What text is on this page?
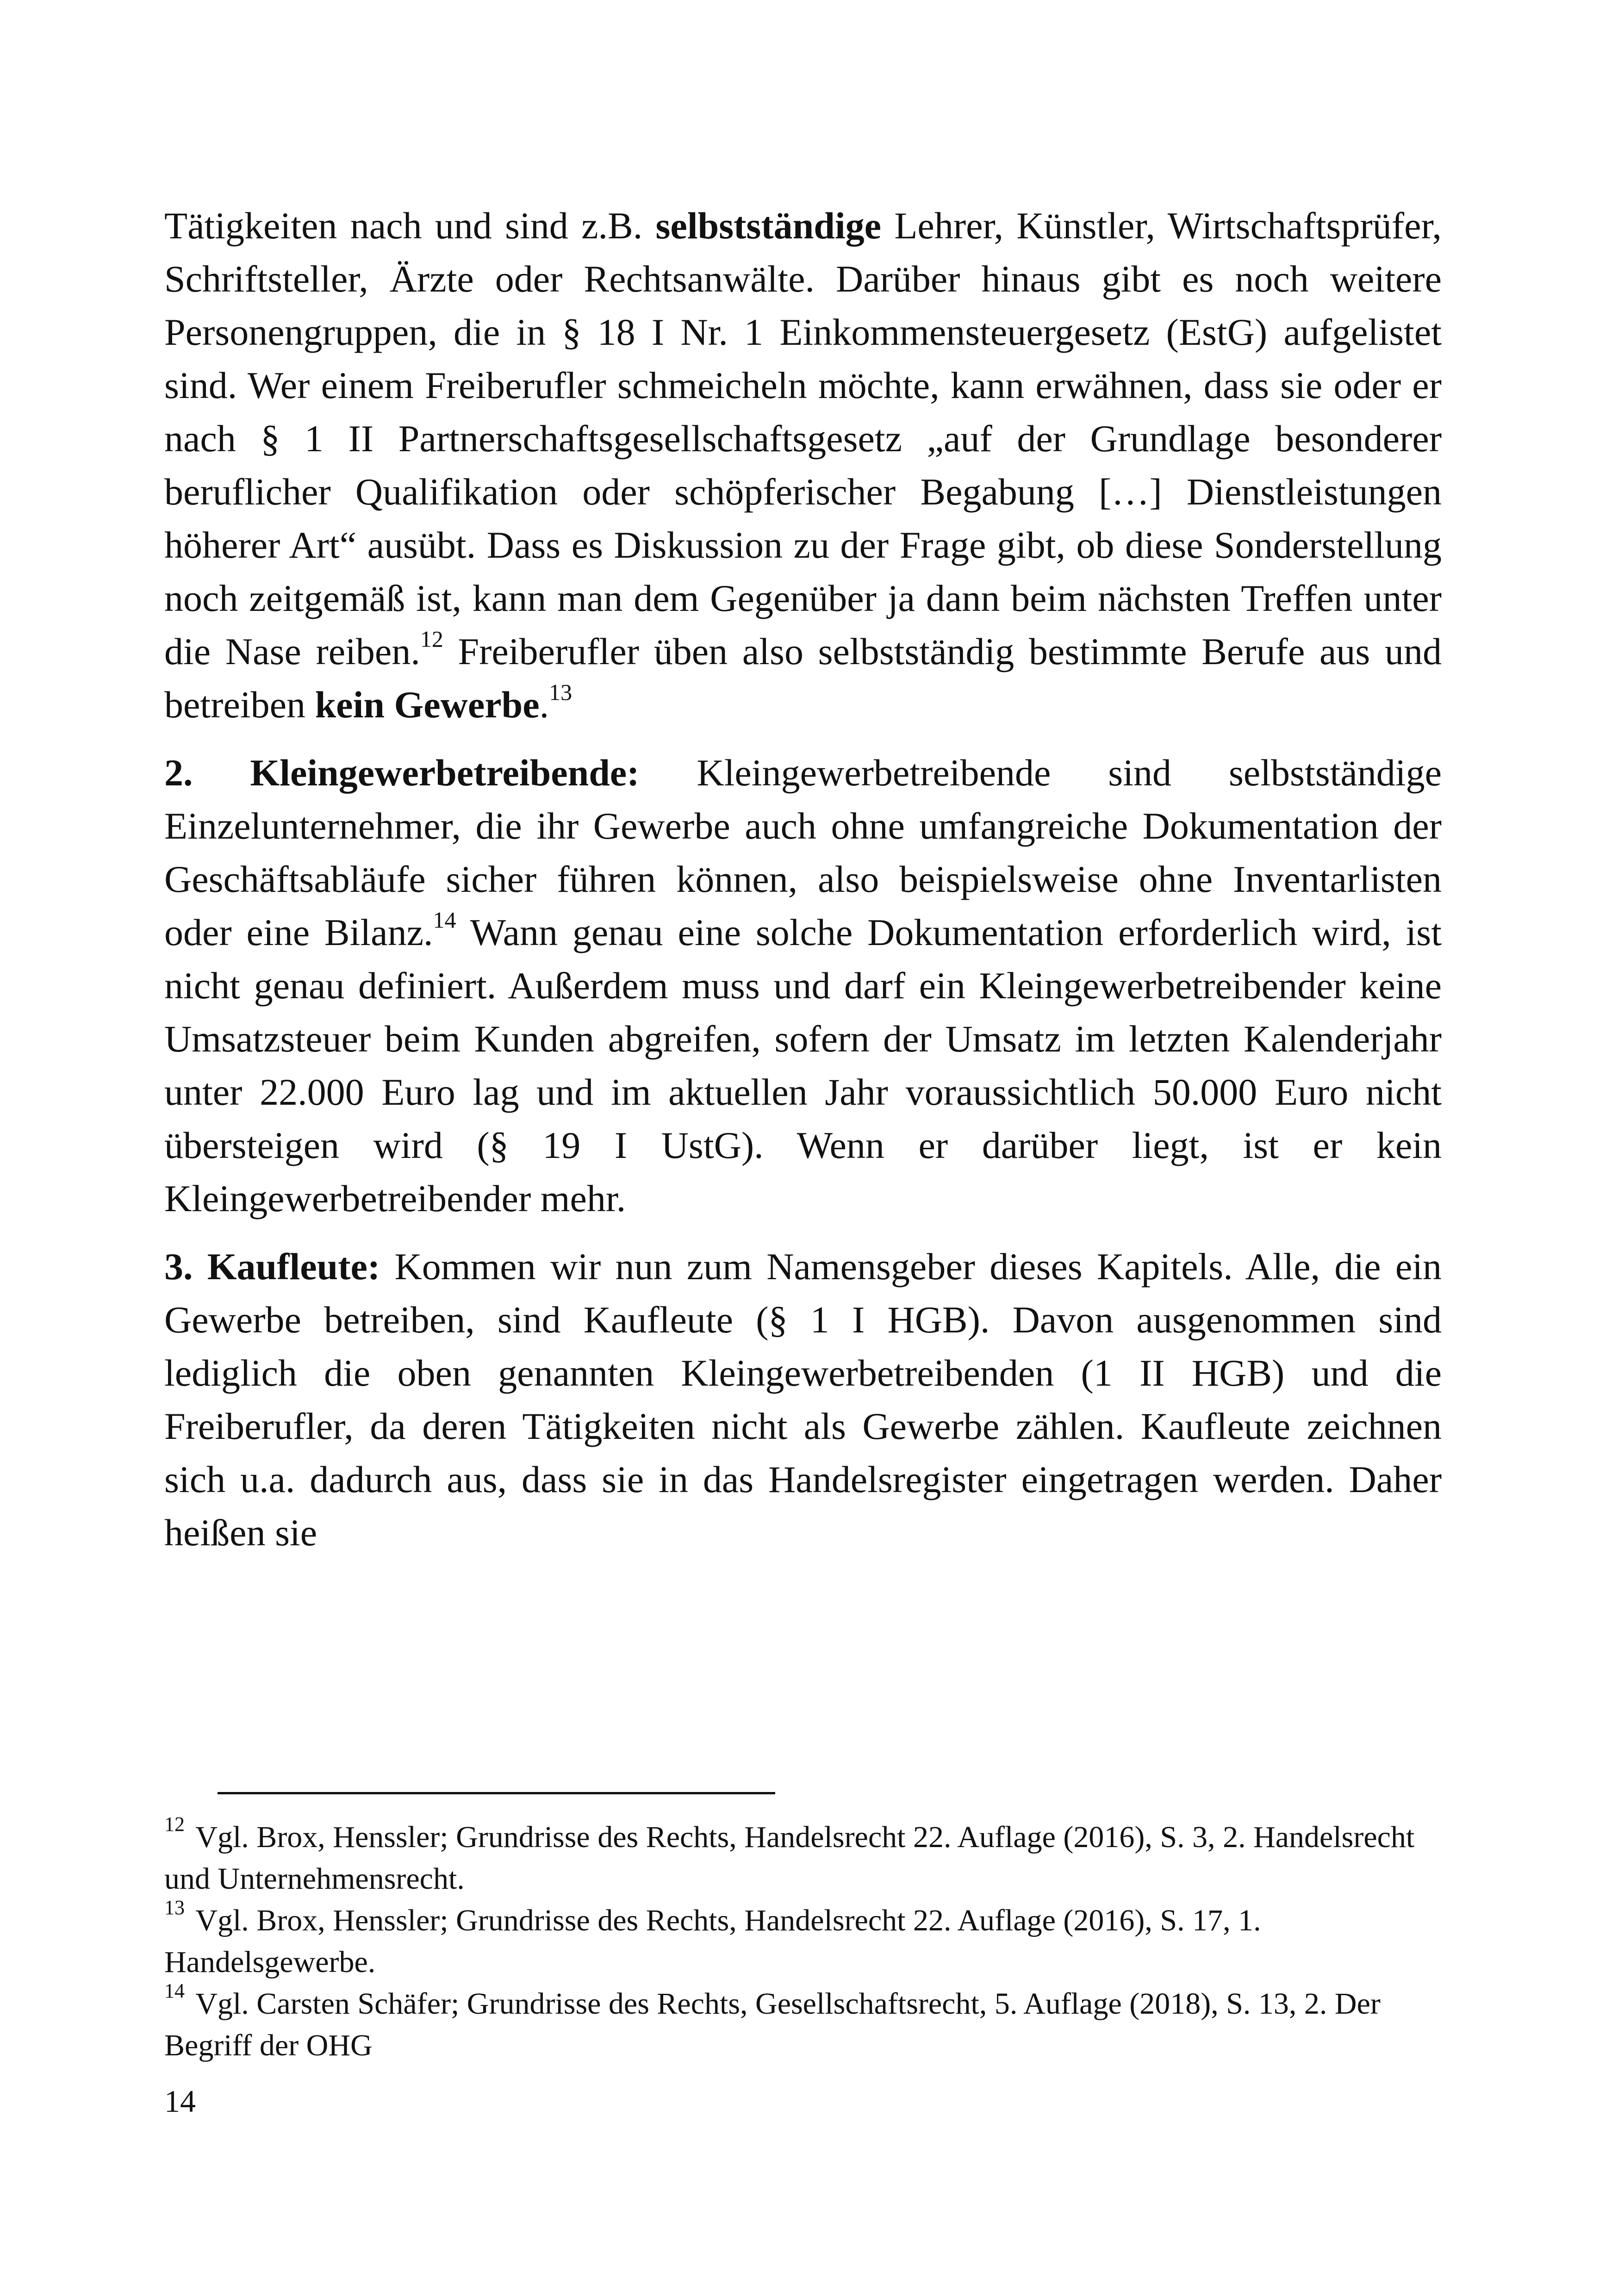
Tätigkeiten nach und sind z.B. selbstständige Lehrer, Künstler, Wirtschaftsprüfer, Schriftsteller, Ärzte oder Rechtsanwälte. Darüber hinaus gibt es noch weitere Personengruppen, die in § 18 I Nr. 1 Einkommensteuergesetz (EstG) aufgelistet sind. Wer einem Freiberufler schmeicheln möchte, kann erwähnen, dass sie oder er nach § 1 II Partnerschaftsgesellschaftsgesetz „auf der Grundlage besonderer beruflicher Qualifikation oder schöpferischer Begabung […] Dienstleistungen höherer Art“ ausübt. Dass es Diskussion zu der Frage gibt, ob diese Sonderstellung noch zeitgemäß ist, kann man dem Gegenüber ja dann beim nächsten Treffen unter die Nase reiben.$^{12}$ Freiberufler üben also selbstständig bestimmte Berufe aus und betreiben kein Gewerbe.$^{13}$

2. Kleingewerbetreibende: Kleingewerbetreibende sind selbstständige Einzelunternehmer, die ihr Gewerbe auch ohne umfangreiche Dokumentation der Geschäftsabläufe sicher führen können, also beispielsweise ohne Inventarlisten oder eine Bilanz.$^{14}$ Wann genau eine solche Dokumentation erforderlich wird, ist nicht genau definiert. Außerdem muss und darf ein Kleingewerbetreibender keine Umsatzsteuer beim Kunden abgreifen, sofern der Umsatz im letzten Kalenderjahr unter 22.000 Euro lag und im aktuellen Jahr voraussichtlich 50.000 Euro nicht übersteigen wird (§ 19 I UstG). Wenn er darüber liegt, ist er kein Kleingewerbetreibender mehr.

3. Kaufleute: Kommen wir nun zum Namensgeber dieses Kapitels. Alle, die ein Gewerbe betreiben, sind Kaufleute (§ 1 I HGB). Davon ausgenommen sind lediglich die oben genannten Kleingewerbetreibenden (1 II HGB) und die Freiberufler, da deren Tätigkeiten nicht als Gewerbe zählen. Kaufleute zeichnen sich u.a. dadurch aus, dass sie in das Handelsregister eingetragen werden. Daher heißen sie

$^{12}$ Vgl. Brox, Henssler; Grundrisse des Rechts, Handelsrecht 22. Auflage (2016), S. 3, 2. Handelsrecht und Unternehmensrecht.

$^{13}$ Vgl. Brox, Henssler; Grundrisse des Rechts, Handelsrecht 22. Auflage (2016), S. 17, 1. Handelsgewerbe.

$^{14}$ Vgl. Carsten Schäfer; Grundrisse des Rechts, Gesellschaftsrecht, 5. Auflage (2018), S. 13, 2. Der Begriff der OHG

14
